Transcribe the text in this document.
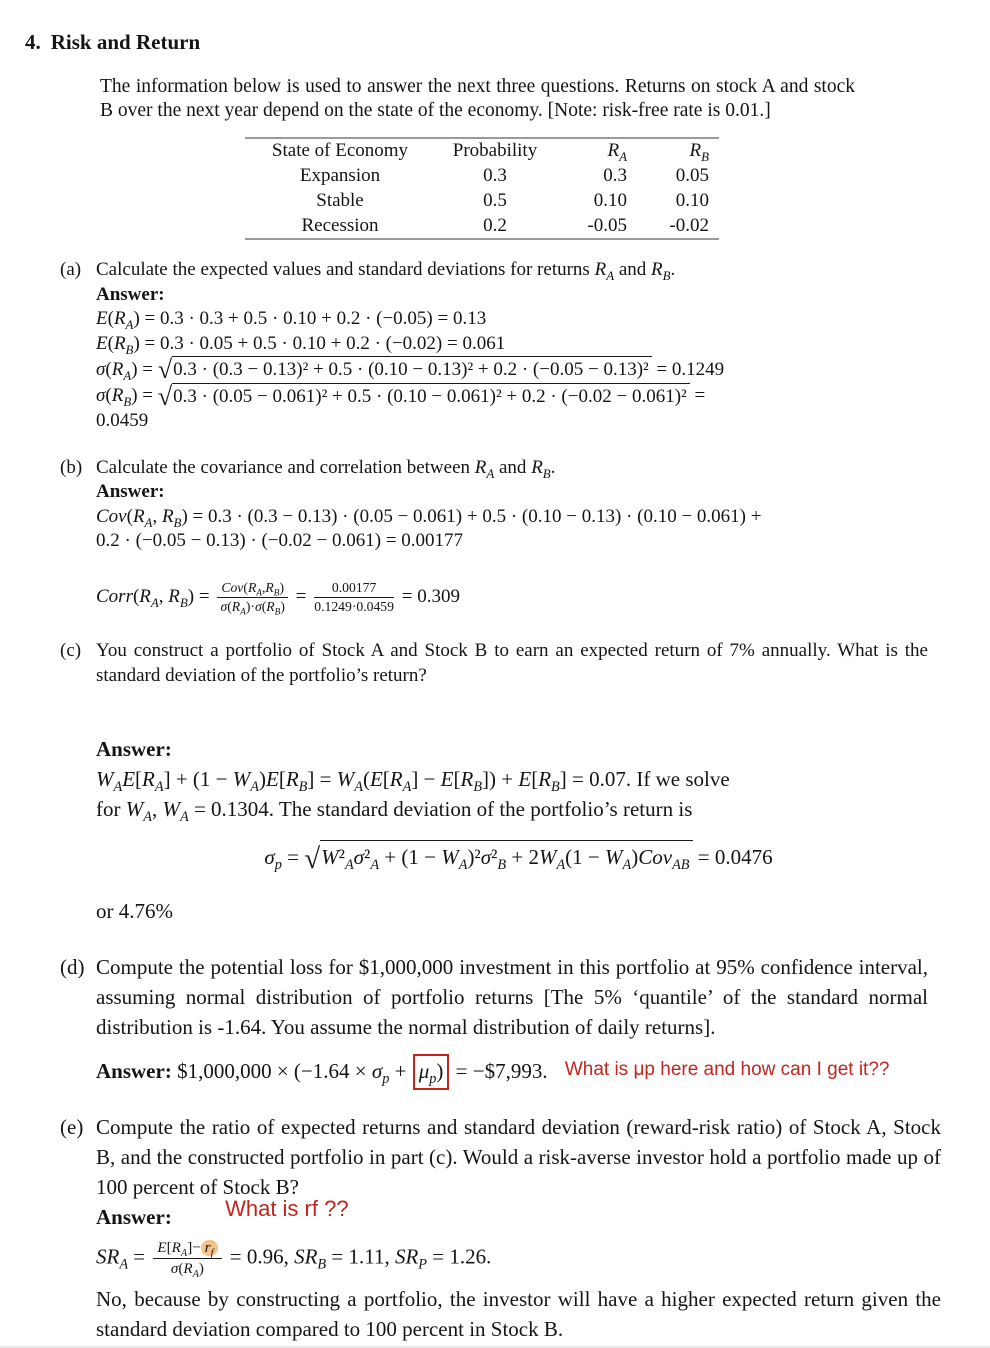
4. Risk and Return

The information below is used to answer the next three questions. Returns on stock A and stock B over the next year depend on the state of the economy. [Note: risk-free rate is 0.01.]

State of Economy	Probability	$R_A$	$R_B$
Expansion	0.3	0.3	0.05
Stable	0.5	0.10	0.10
Recession	0.2	-0.05	-0.02
(a) Calculate the expected values and standard deviations for returns $R_A$ and $R_B$.

Answer:

$E(R_A) = 0.3 \cdot 0.3 + 0.5 \cdot 0.10 + 0.2 \cdot (-0.05) = 0.13$

$E(R_B) = 0.3 \cdot 0.05 + 0.5 \cdot 0.10 + 0.2 \cdot (-0.02) = 0.061$

$\sigma(R_A)$ = √ 0.3 · (0.3 − 0.13)² + 0.5 · (0.10 − 0.13)² + 0.2 · (−0.05 − 0.13)² = 0.1249

$\sigma(R_B)$ = √ 0.3 · (0.05 − 0.061)² + 0.5 · (0.10 − 0.061)² + 0.2 · (−0.02 − 0.061)² =

0.0459

(b) Calculate the covariance and correlation between $R_A$ and $R_B$.

Answer:

$Cov(R_A$, $R_B) = 0.3 \cdot (0.3 - 0.13) \cdot (0.05 - 0.061) + 0.5 \cdot (0.10 - 0.13) \cdot (0.10 - 0.061)$ +

0.2 · (−0.05 − 0.13) · (−0.02 − 0.061) = 0.00177

$Corr(R_A$, $R_B) = \frac{Cov(R_A,R_B)}{\sigma(R_A)\cdot\sigma(R_B)} = \frac{0.00177}{0.1249\cdot 0.0459} = 0.309$

(c) You construct a portfolio of Stock A and Stock B to earn an expected return of 7% annually. What is the standard deviation of the portfolio’s return?

Answer:

$W_AE[R_A] + (1 - W_A)E[R_B] = W_A(E[R_A] - E[R_B]) + E[R_B] = 0.07$. If we solve

for $W_A$, $W_A = 0.1304$. The standard deviation of the portfolio’s return is

$\sigma_p$ = √ $W^2_A\sigma^2_A + (1 - W_A)^2\sigma^2_B + 2W_A(1 - W_A)Cov_{AB} = 0.0476$

or 4.76%

(d) Compute the potential loss for $1,000,000 investment in this portfolio at 95% confidence interval, assuming normal distribution of portfolio returns [The 5% ‘quantile’ of the standard normal distribution is -1.64. You assume the normal distribution of daily returns].

Answer: $1,000,000 × $(-1.64 \times \sigma_p + \mu_p)$ = −$7,993. What is μp here and how can I get it??

(e) Compute the ratio of expected returns and standard deviation (reward-risk ratio) of Stock A, Stock B, and the constructed portfolio in part (c). Would a risk-averse investor hold a portfolio made up of 100 percent of Stock B?

Answer: What is rf ??

$SR_A = \frac{E[R_A]- r_f}{\sigma(R_A)} = 0.96$, $SR_B = 1.11$, $SR_P = 1.26$.

No, because by constructing a portfolio, the investor will have a higher expected return given the standard deviation compared to 100 percent in Stock B.
